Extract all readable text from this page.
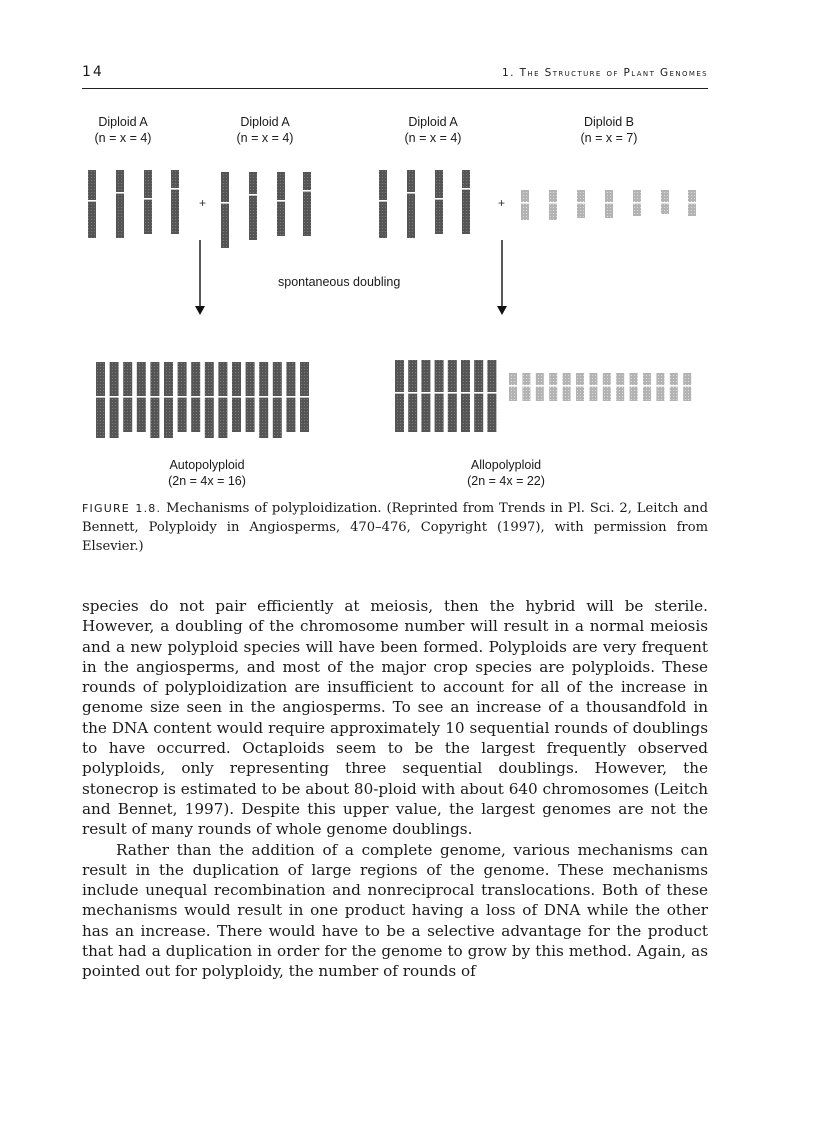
14	1. The Structure of Plant Genomes
Diploid A
(n = x = 4)
Diploid A
(n = x = 4)
Diploid A
(n = x = 4)
Diploid B
(n = x = 7)
+	+
spontaneous doubling
Autopolyploid
(2n = 4x = 16)
Allopolyploid
(2n = 4x = 22)
FIGURE 1.8. Mechanisms of polyploidization. (Reprinted from Trends in Pl. Sci. 2, Leitch and Bennett, Polyploidy in Angiosperms, 470–476, Copyright (1997), with permission from Elsevier.)

species do not pair efficiently at meiosis, then the hybrid will be sterile. However, a doubling of the chromosome number will result in a normal meiosis and a new polyploid species will have been formed. Polyploids are very frequent in the angiosperms, and most of the major crop species are polyploids. These rounds of polyploidization are insufficient to account for all of the increase in genome size seen in the angiosperms. To see an increase of a thousandfold in the DNA content would require approximately 10 sequential rounds of doublings to have occurred. Octaploids seem to be the largest frequently observed polyploids, only representing three sequential doublings. However, the stonecrop is estimated to be about 80-ploid with about 640 chromosomes (Leitch and Bennet, 1997). Despite this upper value, the largest genomes are not the result of many rounds of whole genome doublings.

Rather than the addition of a complete genome, various mechanisms can result in the duplication of large regions of the genome. These mechanisms include unequal recombination and nonreciprocal translocations. Both of these mechanisms would result in one product having a loss of DNA while the other has an increase. There would have to be a selective advantage for the product that had a duplication in order for the genome to grow by this method. Again, as pointed out for polyploidy, the number of rounds of
